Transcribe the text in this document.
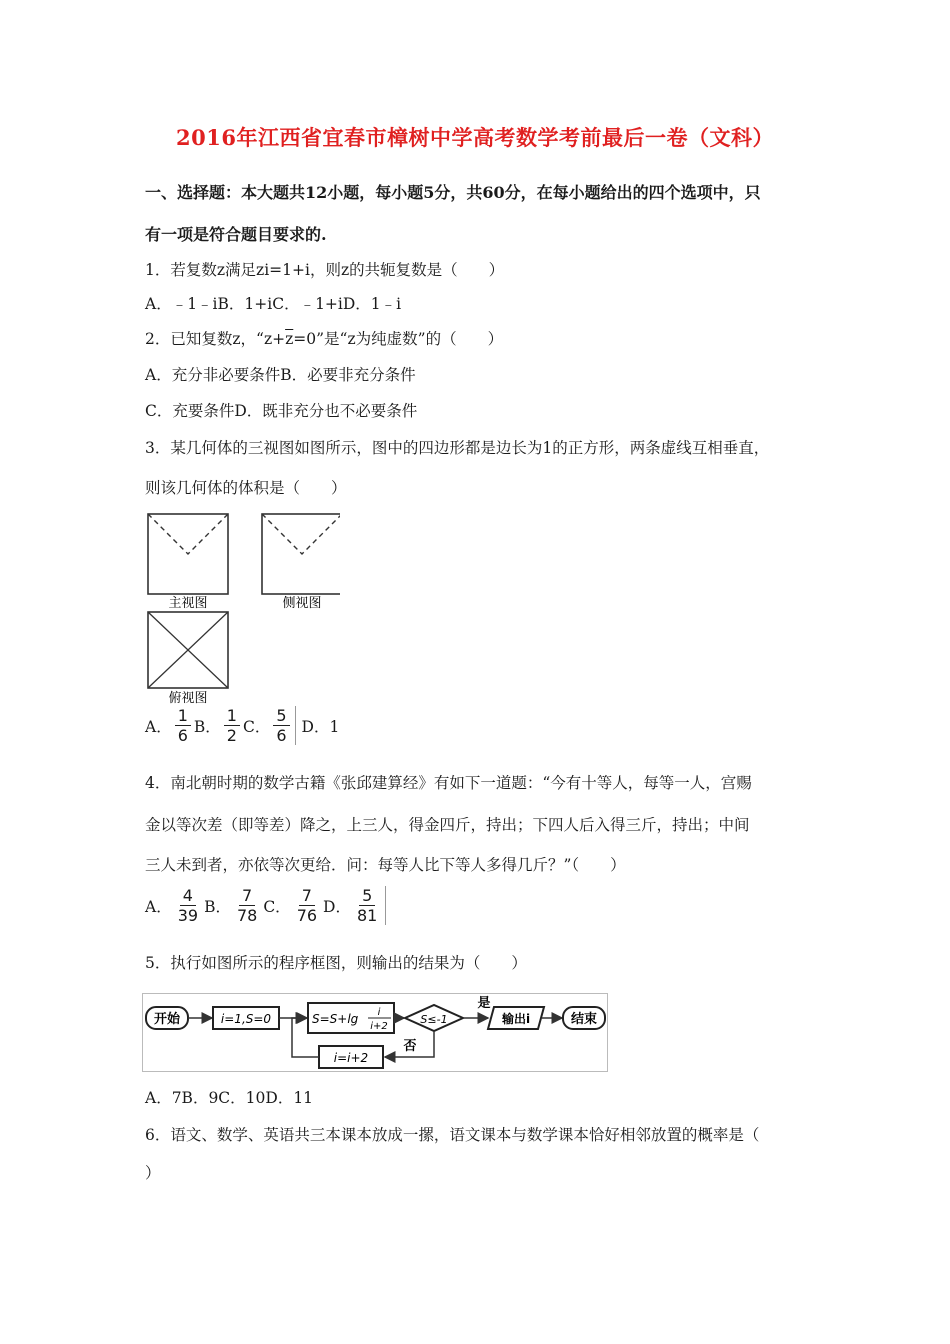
2016年江西省宜春市樟树中学高考数学考前最后一卷（文科）
一、选择题：本大题共12小题，每小题5分，共60分，在每小题给出的四个选项中，只
有一项是符合题目要求的.
1．若复数z满足zi=1+i，则z的共轭复数是（　　）
A．﹣1﹣iB．1+iC．﹣1+iD．1﹣i
2．已知复数z，“$z+\overline{z}=0$”是“z为纯虚数”的（　　）
A．充分非必要条件B．必要非充分条件
C．充要条件D．既非充分也不必要条件
3．某几何体的三视图如图所示，图中的四边形都是边长为1的正方形，两条虚线互相垂直，
则该几何体的体积是（　　）
主视图	侧视图
俯视图
A． $\frac{1}{6}$ B． $\frac{1}{2}$ C． $\frac{5}{6}$ D．1
4．南北朝时期的数学古籍《张邱建算经》有如下一道题：“今有十等人，每等一人，宫赐
金以等次差（即等差）降之，上三人，得金四斤，持出；下四人后入得三斤，持出；中间
三人未到者，亦依等次更给．问：每等人比下等人多得几斤？”（　　）
A． $\frac{4}{39}$ B． $\frac{7}{78}$ C． $\frac{7}{76}$ D． $\frac{5}{81}$
5．执行如图所示的程序框图，则输出的结果为（　　）
开始	i=1,S=0	S=S+lg i
i+2
S≤-1
是
输出i	结束
否
i=i+2
A．7B．9C．10D．11
6．语文、数学、英语共三本课本放成一摞，语文课本与数学课本恰好相邻放置的概率是（
）
